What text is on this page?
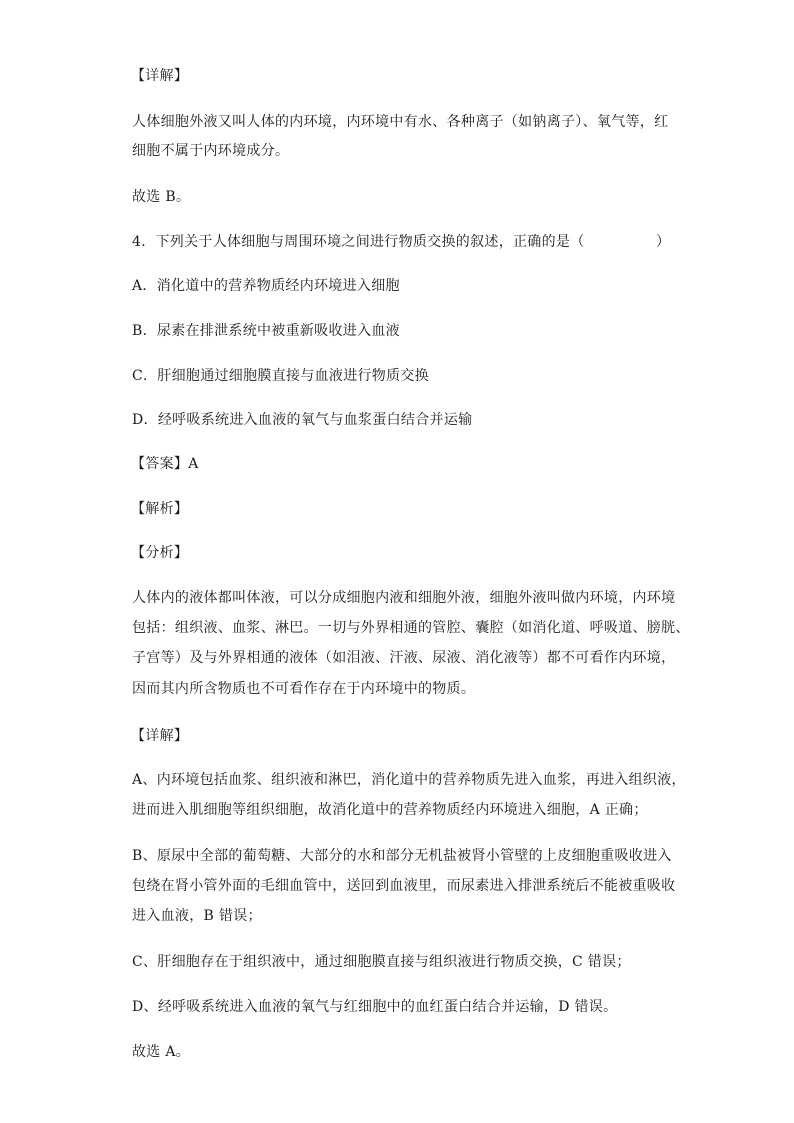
【详解】
人体细胞外液又叫人体的内环境，内环境中有水、各种离子（如钠离子）、氧气等，红
细胞不属于内环境成分。
故选 B。
4．下列关于人体细胞与周围环境之间进行物质交换的叙述，正确的是（　　　　　）
A．消化道中的营养物质经内环境进入细胞
B．尿素在排泄系统中被重新吸收进入血液
C．肝细胞通过细胞膜直接与血液进行物质交换
D．经呼吸系统进入血液的氧气与血浆蛋白结合并运输
【答案】A
【解析】
【分析】
人体内的液体都叫体液，可以分成细胞内液和细胞外液，细胞外液叫做内环境，内环境
包括：组织液、血浆、淋巴。一切与外界相通的管腔、囊腔（如消化道、呼吸道、膀胱、
子宫等）及与外界相通的液体（如泪液、汗液、尿液、消化液等）都不可看作内环境，
因而其内所含物质也不可看作存在于内环境中的物质。
【详解】
A、内环境包括血浆、组织液和淋巴，消化道中的营养物质先进入血浆，再进入组织液，
进而进入肌细胞等组织细胞，故消化道中的营养物质经内环境进入细胞，A 正确；
B、原尿中全部的葡萄糖、大部分的水和部分无机盐被肾小管壁的上皮细胞重吸收进入
包绕在肾小管外面的毛细血管中，送回到血液里，而尿素进入排泄系统后不能被重吸收
进入血液，B 错误；
C、肝细胞存在于组织液中，通过细胞膜直接与组织液进行物质交换，C 错误；
D、经呼吸系统进入血液的氧气与红细胞中的血红蛋白结合并运输，D 错误。
故选 A。
